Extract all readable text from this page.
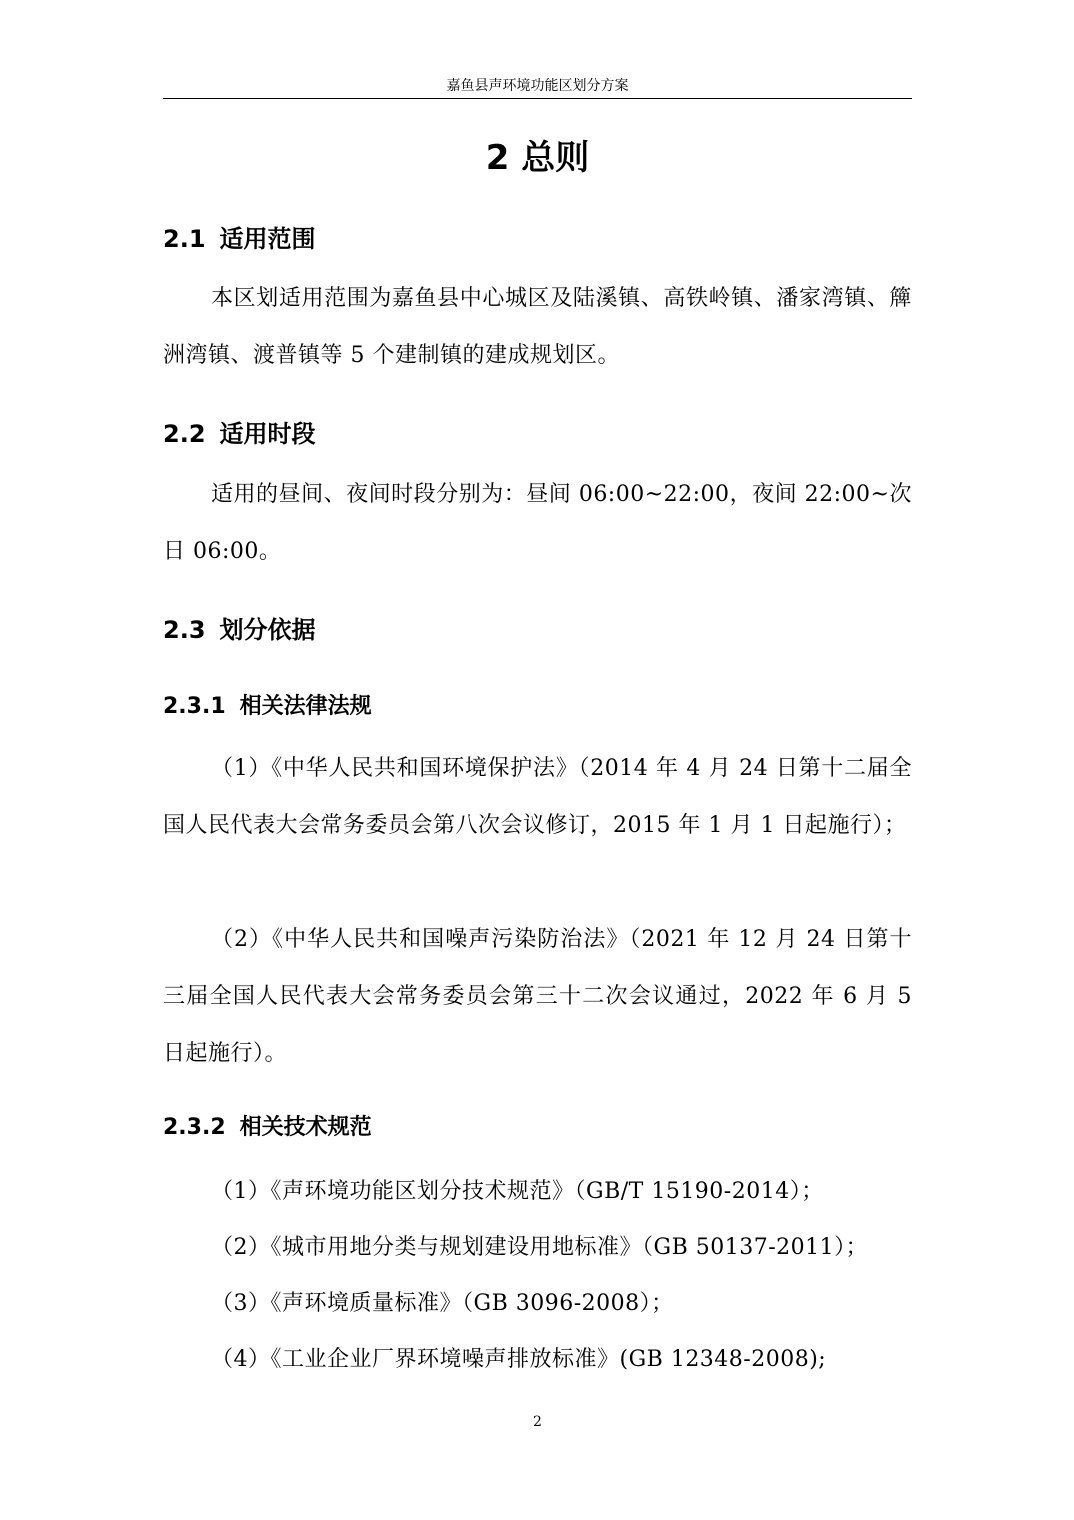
嘉鱼县声环境功能区划分方案
2 总则
2.1 适用范围
本区划适用范围为嘉鱼县中心城区及陆溪镇、高铁岭镇、潘家湾镇、簰洲湾镇、渡普镇等 5 个建制镇的建成规划区。
2.2 适用时段
适用的昼间、夜间时段分别为：昼间 06:00~22:00，夜间 22:00~次日 06:00。
2.3 划分依据
2.3.1 相关法律法规
（1）《中华人民共和国环境保护法》（2014 年 4 月 24 日第十二届全国人民代表大会常务委员会第八次会议修订，2015 年 1 月 1 日起施行）；
（2）《中华人民共和国噪声污染防治法》（2021 年 12 月 24 日第十三届全国人民代表大会常务委员会第三十二次会议通过，2022 年 6 月 5 日起施行）。
2.3.2 相关技术规范
（1）《声环境功能区划分技术规范》（GB/T 15190-2014）；
（2）《城市用地分类与规划建设用地标准》（GB 50137-2011）；
（3）《声环境质量标准》（GB 3096-2008）；
（4）《工业企业厂界环境噪声排放标准》(GB 12348-2008);
2
